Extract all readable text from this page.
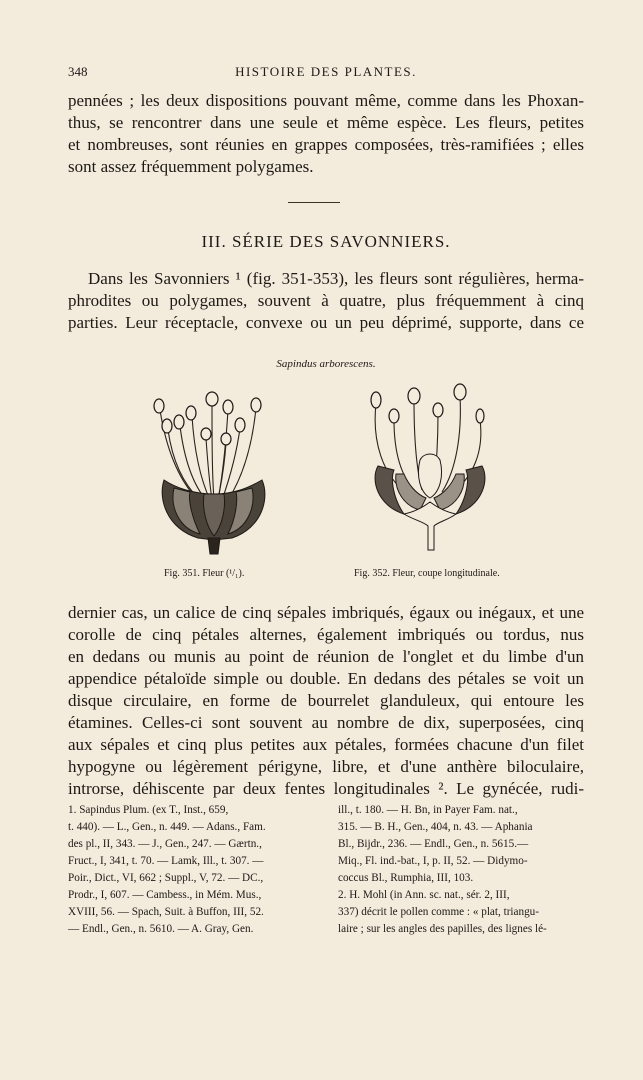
348	HISTOIRE DES PLANTES.
pennées ; les deux dispositions pouvant même, comme dans les Phoxan-
thus, se rencontrer dans une seule et même espèce. Les fleurs, petites
et nombreuses, sont réunies en grappes composées, très-ramifiées ; elles
sont assez fréquemment polygames.
III. SÉRIE DES SAVONNIERS.
Dans les Savonniers ¹ (fig. 351-353), les fleurs sont régulières, herma-
phrodites ou polygames, souvent à quatre, plus fréquemment à cinq
parties. Leur réceptacle, convexe ou un peu déprimé, supporte, dans ce
Sapindus arborescens.
Fig. 351. Fleur (¹/₁).	Fig. 352. Fleur, coupe longitudinale.
dernier cas, un calice de cinq sépales imbriqués, égaux ou inégaux, et une
corolle de cinq pétales alternes, également imbriqués ou tordus, nus
en dedans ou munis au point de réunion de l'onglet et du limbe d'un
appendice pétaloïde simple ou double. En dedans des pétales se voit un
disque circulaire, en forme de bourrelet glanduleux, qui entoure les
étamines. Celles-ci sont souvent au nombre de dix, superposées, cinq
aux sépales et cinq plus petites aux pétales, formées chacune d'un filet
hypogyne ou légèrement périgyne, libre, et d'une anthère biloculaire,
introrse, déhiscente par deux fentes longitudinales ². Le gynécée, rudi-
1. Sapindus Plum. (ex T., Inst., 659,
t. 440). — L., Gen., n. 449. — Adans., Fam.
des pl., II, 343. — J., Gen., 247. — Gærtn.,
Fruct., I, 341, t. 70. — Lamk, Ill., t. 307. —
Poir., Dict., VI, 662 ; Suppl., V, 72. — DC.,
Prodr., I, 607. — Cambess., in Mém. Mus.,
XVIII, 56. — Spach, Suit. à Buffon, III, 52.
— Endl., Gen., n. 5610. — A. Gray, Gen.
ill., t. 180. — H. Bn, in Payer Fam. nat.,
315. — B. H., Gen., 404, n. 43. — Aphania
Bl., Bijdr., 236. — Endl., Gen., n. 5615.—
Miq., Fl. ind.-bat., I, p. II, 52. — Didymo-
coccus Bl., Rumphia, III, 103.
2. H. Mohl (in Ann. sc. nat., sér. 2, III,
337) décrit le pollen comme : « plat, triangu-
laire ; sur les angles des papilles, des lignes lé-
